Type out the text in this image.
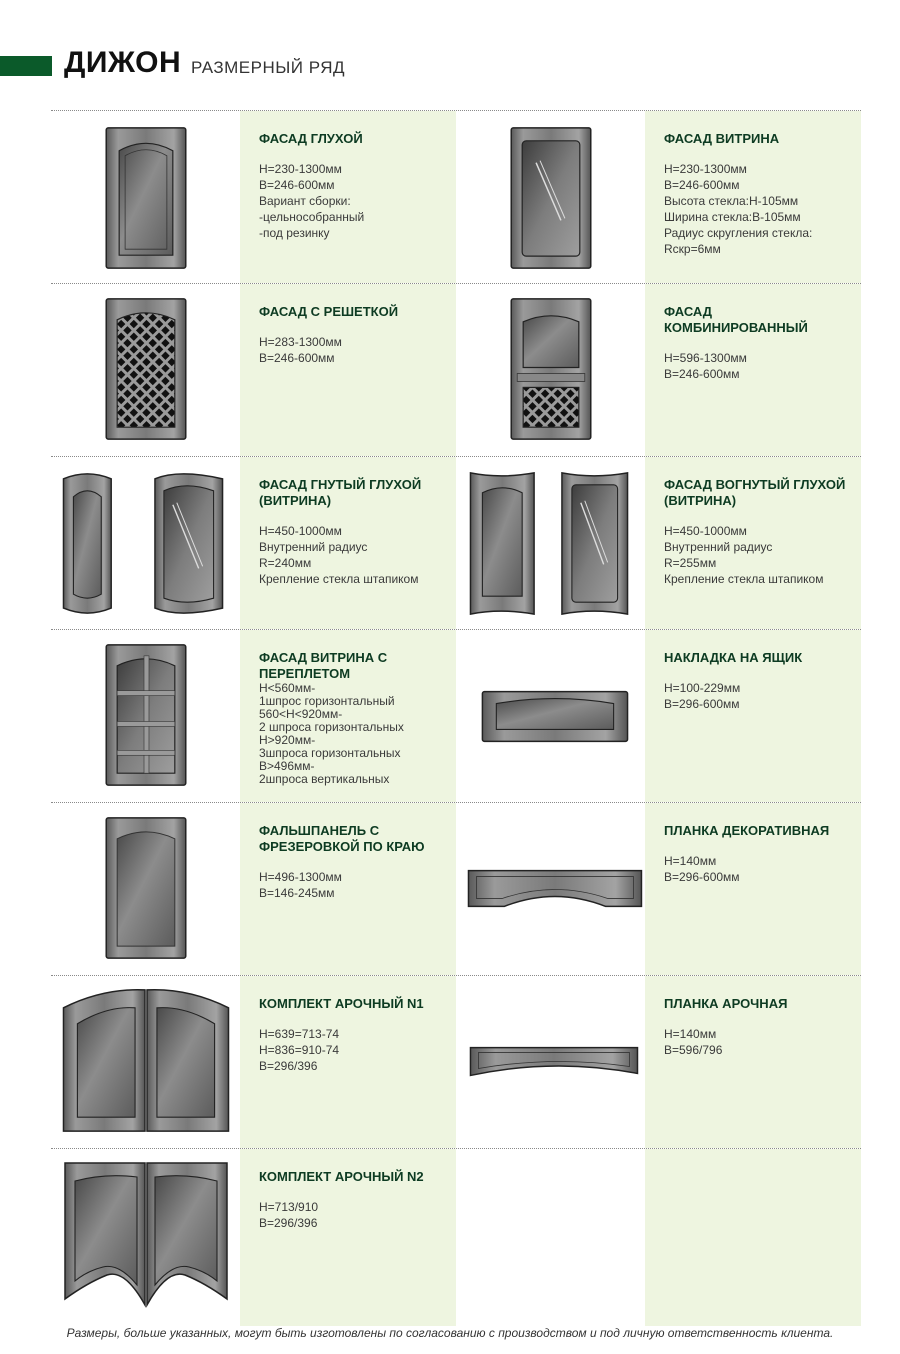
ДИЖОН РАЗМЕРНЫЙ РЯД
ФАСАД ГЛУХОЙ
Н=230-1300мм
В=246-600мм
Вариант сборки:
-цельнособранный
-под резинку
ФАСАД ВИТРИНА
Н=230-1300мм
В=246-600мм
Высота стекла:Н-105мм
Ширина стекла:В-105мм
Радиус скругления стекла:
Rскр=6мм
ФАСАД С РЕШЕТКОЙ
Н=283-1300мм
В=246-600мм
ФАСАД КОМБИНИРОВАННЫЙ
Н=596-1300мм
В=246-600мм
ФАСАД ГНУТЫЙ ГЛУХОЙ (ВИТРИНА)
Н=450-1000мм
Внутренний радиус
R=240мм
Крепление стекла штапиком
ФАСАД ВОГНУТЫЙ ГЛУХОЙ (ВИТРИНА)
Н=450-1000мм
Внутренний радиус
R=255мм
Крепление стекла штапиком
ФАСАД ВИТРИНА С ПЕРЕПЛЕТОМ
Н<560мм-
1шпрос горизонтальный
560<Н<920мм-
2 шпроса горизонтальных
Н>920мм-
3шпроса горизонтальных
В>496мм-
2шпроса вертикальных
НАКЛАДКА НА ЯЩИК
Н=100-229мм
В=296-600мм
ФАЛЬШПАНЕЛЬ С ФРЕЗЕРОВКОЙ ПО КРАЮ
Н=496-1300мм
В=146-245мм
ПЛАНКА ДЕКОРАТИВНАЯ
Н=140мм
В=296-600мм
КОМПЛЕКТ АРОЧНЫЙ N1
Н=639=713-74
Н=836=910-74
В=296/396
ПЛАНКА АРОЧНАЯ
Н=140мм
В=596/796
КОМПЛЕКТ АРОЧНЫЙ N2
Н=713/910
В=296/396
Размеры, больше указанных, могут быть изготовлены по согласованию с производством и под личную ответственность клиента.
